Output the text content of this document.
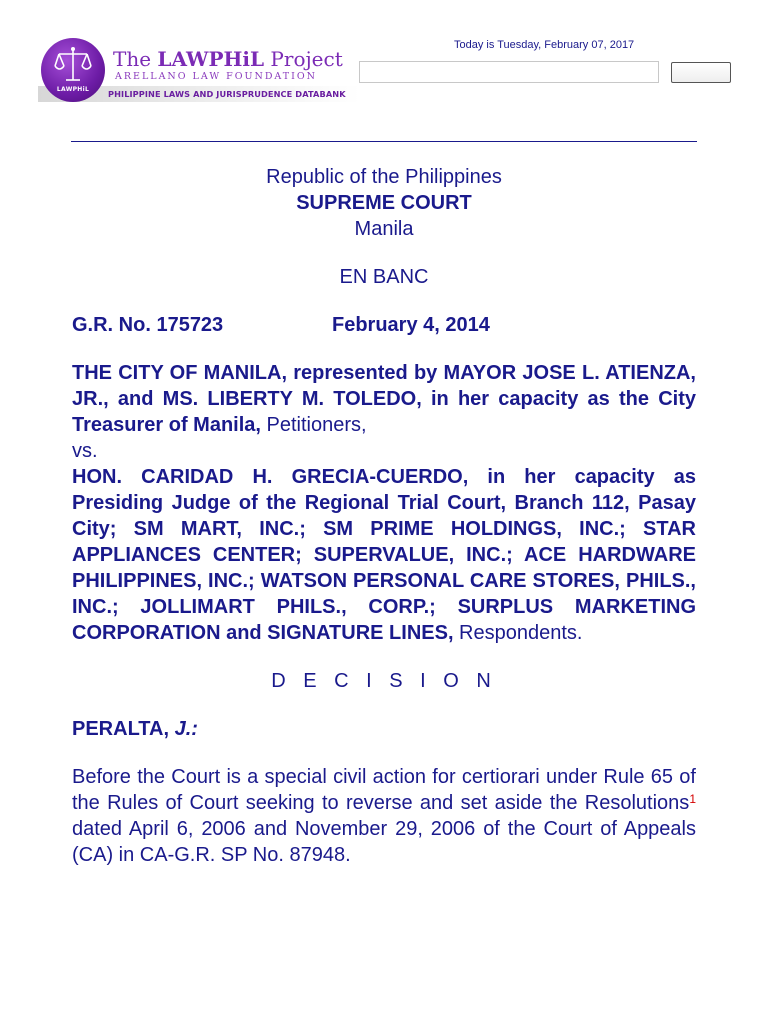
PHILIPPINE LAWS AND JURISPRUDENCE DATABANK
LAWPHiL
The LAWPHiL Project
ARELLANO LAW FOUNDATION
Today is Tuesday, February 07, 2017
Republic of the Philippines
SUPREME COURT
Manila
EN BANC
G.R. No. 175723	February 4, 2014
THE CITY OF MANILA, represented by MAYOR JOSE L. ATIENZA, JR., and MS. LIBERTY M. TOLEDO, in her capacity as the City Treasurer of Manila, Petitioners,
vs.
HON. CARIDAD H. GRECIA-CUERDO, in her capacity as Presiding Judge of the Regional Trial Court, Branch 112, Pasay City; SM MART, INC.; SM PRIME HOLDINGS, INC.; STAR APPLIANCES CENTER; SUPERVALUE, INC.; ACE HARDWARE PHILIPPINES, INC.; WATSON PERSONAL CARE STORES, PHILS., INC.; JOLLIMART PHILS., CORP.; SURPLUS MARKETING CORPORATION and SIGNATURE LINES, Respondents.
D E C I S I O N
PERALTA, J.:
Before the Court is a special civil action for certiorari under Rule 65 of the Rules of Court seeking to reverse and set aside the Resolutions$^1$ dated April 6, 2006 and November 29, 2006 of the Court of Appeals (CA) in CA-G.R. SP No. 87948.
